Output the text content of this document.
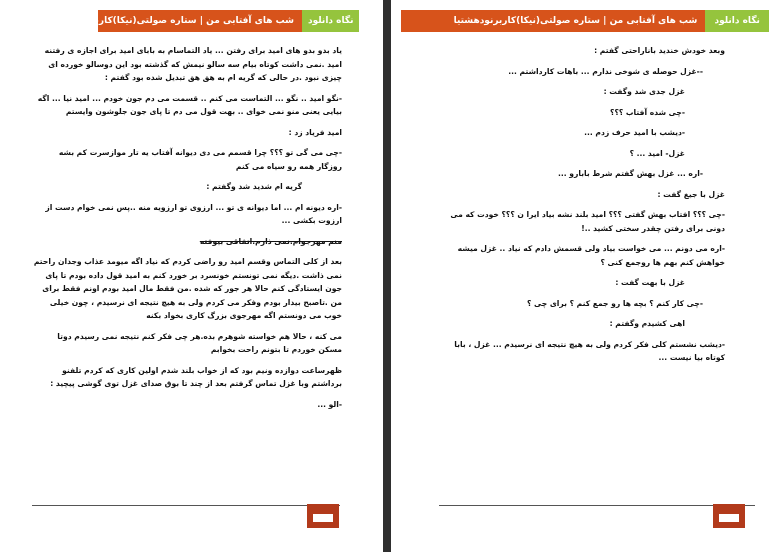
شب های آفتابی من | ستاره صولتی(نیکا)کاربرنودهشتیا	نگاه دانلود

یاد بدو بدو های امید برای رفتن ... یاد التماسام به بابای امید برای اجازه ی رفتنه امید .نمی داشت کوتاه بیام سه سالو نیمش که گذشته بود این دوسالو خورده ای چیزی نبود .در حالی که گریه ام به هق هق تبدیل شده بود گفتم :

-نگو امید .. نگو ... التماست می کنم .. قسمت می دم جون خودم ... امید نیا ... اگه بیایی یعنی منو نمی خوای .. بهت قول می دم تا پای جون جلوشون وایستم

امید فریاد زد :

-چی می گی تو ؟؟؟ چرا قسمم می دی دیوانه آفتاب یه تار موازسرت کم بشه روزگار همه رو سیاه می کنم

گریه ام شدید شد وگفتم :

-اره دیونه ام ... اما دیوانه ی تو ... ارزوی تو ارزویه منه ..پس نمی خوام دست از ارزوت بکشی ...

منم مهرجوام.نمی ذارم.اتفاقی بیوفته

بعد از کلی التماس وقسم امید رو راضی کردم که نیاد اگه میومد عذاب وجدان راحتم نمی ذاشت .دیگه نمی تونستم خونسرد بر خورد کنم به امید قول داده بودم تا پای جون ایستادگی کنم حالا هر جور که شده .من فقط مال امید بودم اونم فقط برای من .تاصبح بیدار بودم وفکر می کردم ولی به هیچ نتیجه ای نرسیدم ، چون خیلی خوب می دونستم اگه مهرجوی بزرگ کاری بخواد بکنه

می کنه ، حالا هم خواسته شوهرم بده.هر چی فکر کنم نتیجه نمی رسیدم دوتا مسکن خوردم تا بتونم راحت بخوابم

ظهرساعت دوازده ونیم بود که از خواب بلند شدم اولین کاری که کردم تلفنو برداشتم وبا غزل تماس گرفتم بعد از چند تا بوق صدای غزل توی گوشی پیچید :

-الو ...

شب های آفتابی من | ستاره صولتی(نیکا)کاربرنودهشتیا	نگاه دانلود

وبعد خودش خندید باناراحتی گفتم :

--غزل حوصله ی شوخی ندارم ... باهات کارداشتم ...

غزل جدی شد وگفت :

-چی شده آفتاب ؟؟؟

-دیشب با امید حرف زدم ...

غزل- امید ... ؟

-اره ... غزل بهش گفتم شرط بابارو ...

غزل با جیغ گفت :

-چی ؟؟؟ افتاب بهش گفتی ؟؟؟ امید بلند نشه بیاد ایرا ن ؟؟؟ خودت که می دونی برای رفتن چقدر سختی کشید ..!

-اره می دونم ... می خواست بیاد ولی قسمش دادم که نیاد .. غزل میشه خواهش کنم بهم ها روجمع کنی ؟

غزل با بهت گفت :

-چی کار کنم ؟ بچه ها رو جمع کنم ؟ برای چی ؟

اهی کشیدم وگفتم :

-دیشب نشستم کلی فکر کردم ولی به هیچ نتیجه ای نرسیدم ... غزل ، بابا کوتاه بیا نیست ...
